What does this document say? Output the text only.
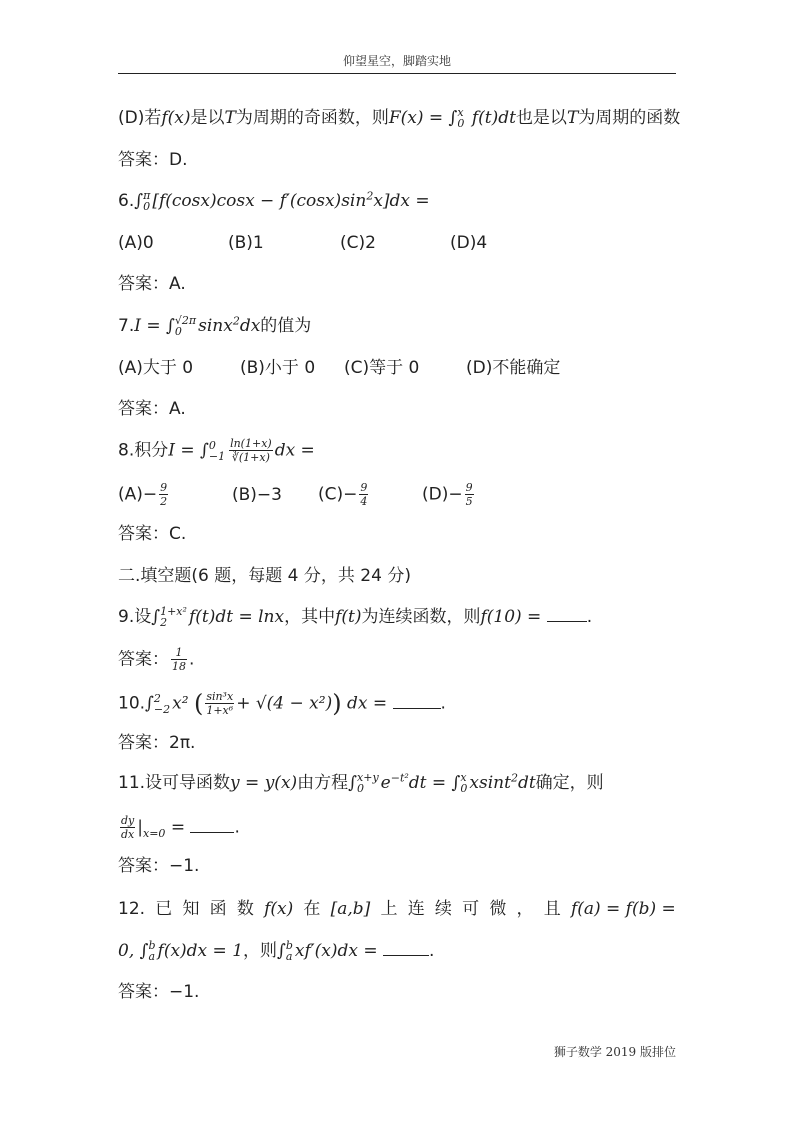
仰望星空，脚踏实地
(D)若f(x)是以T为周期的奇函数，则F(x) = ∫ x
0 f(t)dt也是以T为周期的函数
答案：D.
6.∫ π
0 $[f(\cos x)\cos x - f'(\cos x)\sin^2x]dx$ =
(A)0	(B)1	(C)2	(D)4
答案：A.
7.I = ∫ √2π
0 sinx$^2$dx的值为
(A)大于 0	(B)小于 0 (C)等于 0	(D)不能确定
答案：A.
8.积分I = ∫ 0
$-1 \frac{\ln(1+x)}{∛(1+x)}$ dx =
$(A)- \frac{9}{2}$	(B)−3 $(C)- \frac{9}{4}$	$(D)- \frac{9}{5}$
答案：C.
二.填空题(6 题，每题 4 分，共 24 分)
9.设∫ 1+x²
2	f(t)dt = lnx，其中f(t)为连续函数，则f(10) =	.
答案： $\frac{1}{18}$ .
10.∫ 2
−2 x² ( $\frac{\text{sin³x}}{\text{1+x⁶}} + √(4 - x^2)$) dx =	.
答案：2π.
11.设可导函数y = y(x)由方程∫ x+y
0 $e^{-t^2}dt$ = ∫ x
0 xsint$^2$dt确定，则
$\frac{dy}{dx} |_{x=0}$ =	.
答案：−1.
12. 已 知 函 数 f(x) 在 [a,b] 上 连 续 可 微 ， 且 f(a) = f(b) =
0, ∫ b
a f(x)dx = 1，则∫ b
a xf′(x)dx =	.
答案：−1.
狮子数学 2019 版排位
